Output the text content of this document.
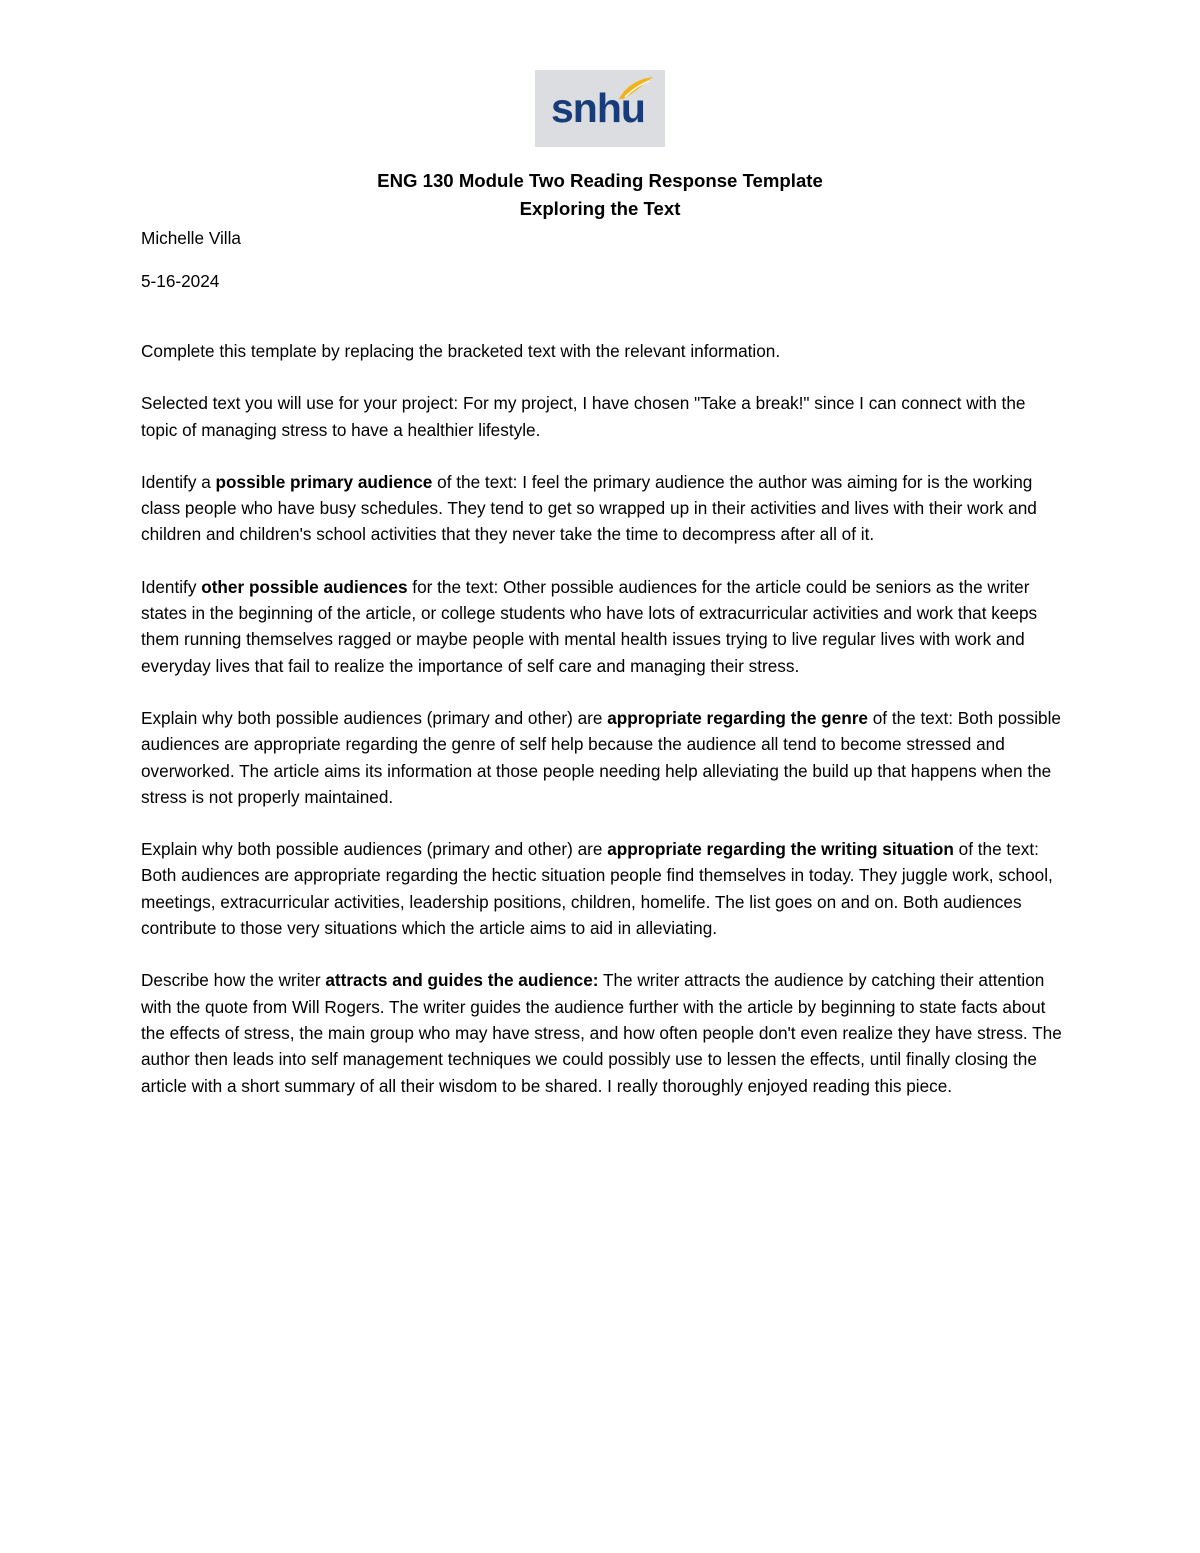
snhu
ENG 130 Module Two Reading Response Template
Exploring the Text
Michelle Villa
5-16-2024

Complete this template by replacing the bracketed text with the relevant information.

Selected text you will use for your project: For my project, I have chosen "Take a break!" since I can connect with the topic of managing stress to have a healthier lifestyle.

Identify a possible primary audience of the text: I feel the primary audience the author was aiming for is the working class people who have busy schedules. They tend to get so wrapped up in their activities and lives with their work and children and children's school activities that they never take the time to decompress after all of it.

Identify other possible audiences for the text: Other possible audiences for the article could be seniors as the writer states in the beginning of the article, or college students who have lots of extracurricular activities and work that keeps them running themselves ragged or maybe people with mental health issues trying to live regular lives with work and everyday lives that fail to realize the importance of self care and managing their stress.

Explain why both possible audiences (primary and other) are appropriate regarding the genre of the text: Both possible audiences are appropriate regarding the genre of self help because the audience all tend to become stressed and overworked. The article aims its information at those people needing help alleviating the build up that happens when the stress is not properly maintained.

Explain why both possible audiences (primary and other) are appropriate regarding the writing situation of the text: Both audiences are appropriate regarding the hectic situation people find themselves in today. They juggle work, school, meetings, extracurricular activities, leadership positions, children, homelife. The list goes on and on. Both audiences contribute to those very situations which the article aims to aid in alleviating.

Describe how the writer attracts and guides the audience: The writer attracts the audience by catching their attention with the quote from Will Rogers. The writer guides the audience further with the article by beginning to state facts about the effects of stress, the main group who may have stress, and how often people don't even realize they have stress. The author then leads into self management techniques we could possibly use to lessen the effects, until finally closing the article with a short summary of all their wisdom to be shared. I really thoroughly enjoyed reading this piece.
